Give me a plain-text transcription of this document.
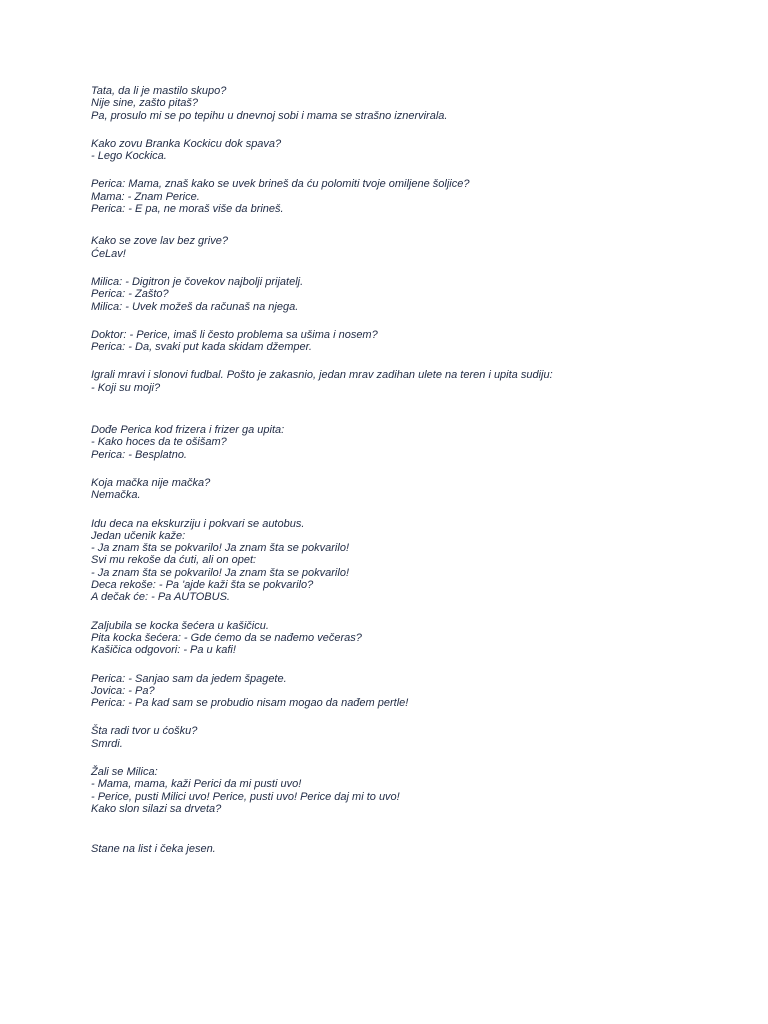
Tata, da li je mastilo skupo?
Nije sine, zašto pitaš?
Pa, prosulo mi se po tepihu u dnevnoj sobi i mama se strašno iznervirala.
Kako zovu Branka Kockicu dok spava?
- Lego Kockica.
Perica: Mama, znaš kako se uvek brineš da ću polomiti tvoje omiljene šoljice?
Mama: - Znam Perice.
Perica: - E pa, ne moraš više da brineš.
Kako se zove lav bez grive?
ĆeLav!
Milica: - Digitron je čovekov najbolji prijatelj.
Perica: - Zašto?
Milica: - Uvek možeš da računaš na njega.
Doktor: - Perice, imaš li često problema sa ušima i nosem?
Perica: - Da, svaki put kada skidam džemper.
Igrali mravi i slonovi fudbal. Pošto je zakasnio, jedan mrav zadihan ulete na teren i upita sudiju:
- Koji su moji?
Dođe Perica kod frizera i frizer ga upita:
- Kako hoces da te ošišam?
Perica: - Besplatno.
Koja mačka nije mačka?
Nemačka.
Idu deca na ekskurziju i pokvari se autobus.
Jedan učenik kaže:
- Ja znam šta se pokvarilo! Ja znam šta se pokvarilo!
Svi mu rekoše da ćuti, ali on opet:
- Ja znam šta se pokvarilo! Ja znam šta se pokvarilo!
Deca rekoše: - Pa 'ajde kaži šta se pokvarilo?
A dečak će: - Pa AUTOBUS.
Zaljubila se kocka šećera u kašičicu.
Pita kocka šećera: - Gde ćemo da se nađemo večeras?
Kašičica odgovori: - Pa u kafi!
Perica: - Sanjao sam da jedem špagete.
Jovica: - Pa?
Perica: - Pa kad sam se probudio nisam mogao da nađem pertle!
Šta radi tvor u ćošku?
Smrdi.
Žali se Milica:
- Mama, mama, kaži Perici da mi pusti uvo!
- Perice, pusti Milici uvo! Perice, pusti uvo! Perice daj mi to uvo!
Kako slon silazi sa drveta?
Stane na list i čeka jesen.
